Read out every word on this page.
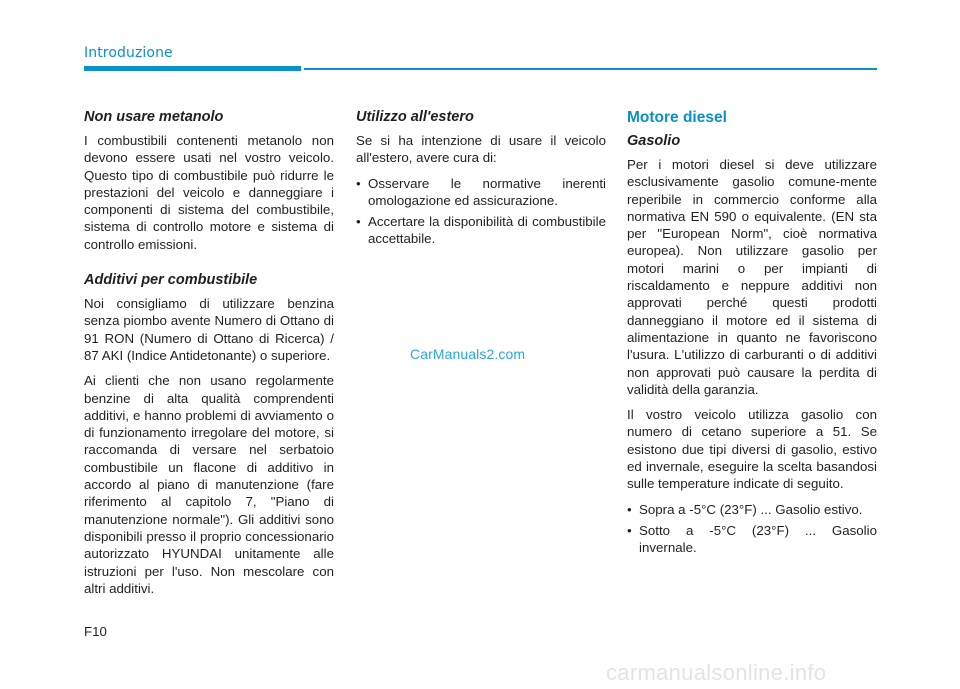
Introduzione
Non usare metanolo

I combustibili contenenti metanolo non devono essere usati nel vostro veicolo. Questo tipo di combustibile può ridurre le prestazioni del veicolo e danneggiare i componenti di sistema del combustibile, sistema di controllo motore e sistema di controllo emissioni.

Additivi per combustibile

Noi consigliamo di utilizzare benzina senza piombo avente Numero di Ottano di 91 RON (Numero di Ottano di Ricerca) / 87 AKI (Indice Antidetonante) o superiore.

Ai clienti che non usano regolarmente benzine di alta qualità comprendenti additivi, e hanno problemi di avviamento o di funzionamento irregolare del motore, si raccomanda di versare nel serbatoio combustibile un flacone di additivo in accordo al piano di manutenzione (fare riferimento al capitolo 7, "Piano di manutenzione normale"). Gli additivi sono disponibili presso il proprio concessionario autorizzato HYUNDAI unitamente alle istruzioni per l'uso. Non mescolare con altri additivi.

Utilizzo all'estero

Se si ha intenzione di usare il veicolo all'estero, avere cura di:

• Osservare le normative inerenti omologazione ed assicurazione.
• Accertare la disponibilità di combustibile accettabile.
Motore diesel
Gasolio

Per i motori diesel si deve utilizzare esclusivamente gasolio comune-mente reperibile in commercio conforme alla normativa EN 590 o equivalente. (EN sta per "European Norm", cioè normativa europea). Non utilizzare gasolio per motori marini o per impianti di riscaldamento e neppure additivi non approvati perché questi prodotti danneggiano il motore ed il sistema di alimentazione in quanto ne favoriscono l'usura. L'utilizzo di carburanti o di additivi non approvati può causare la perdita di validità della garanzia.

Il vostro veicolo utilizza gasolio con numero di cetano superiore a 51. Se esistono due tipi diversi di gasolio, estivo ed invernale, eseguire la scelta basandosi sulle temperature indicate di seguito.

• Sopra a -5°C (23°F) ... Gasolio estivo.
• Sotto a -5°C (23°F) ... Gasolio invernale.
CarManuals2.com
F10
carmanualsonline.info
